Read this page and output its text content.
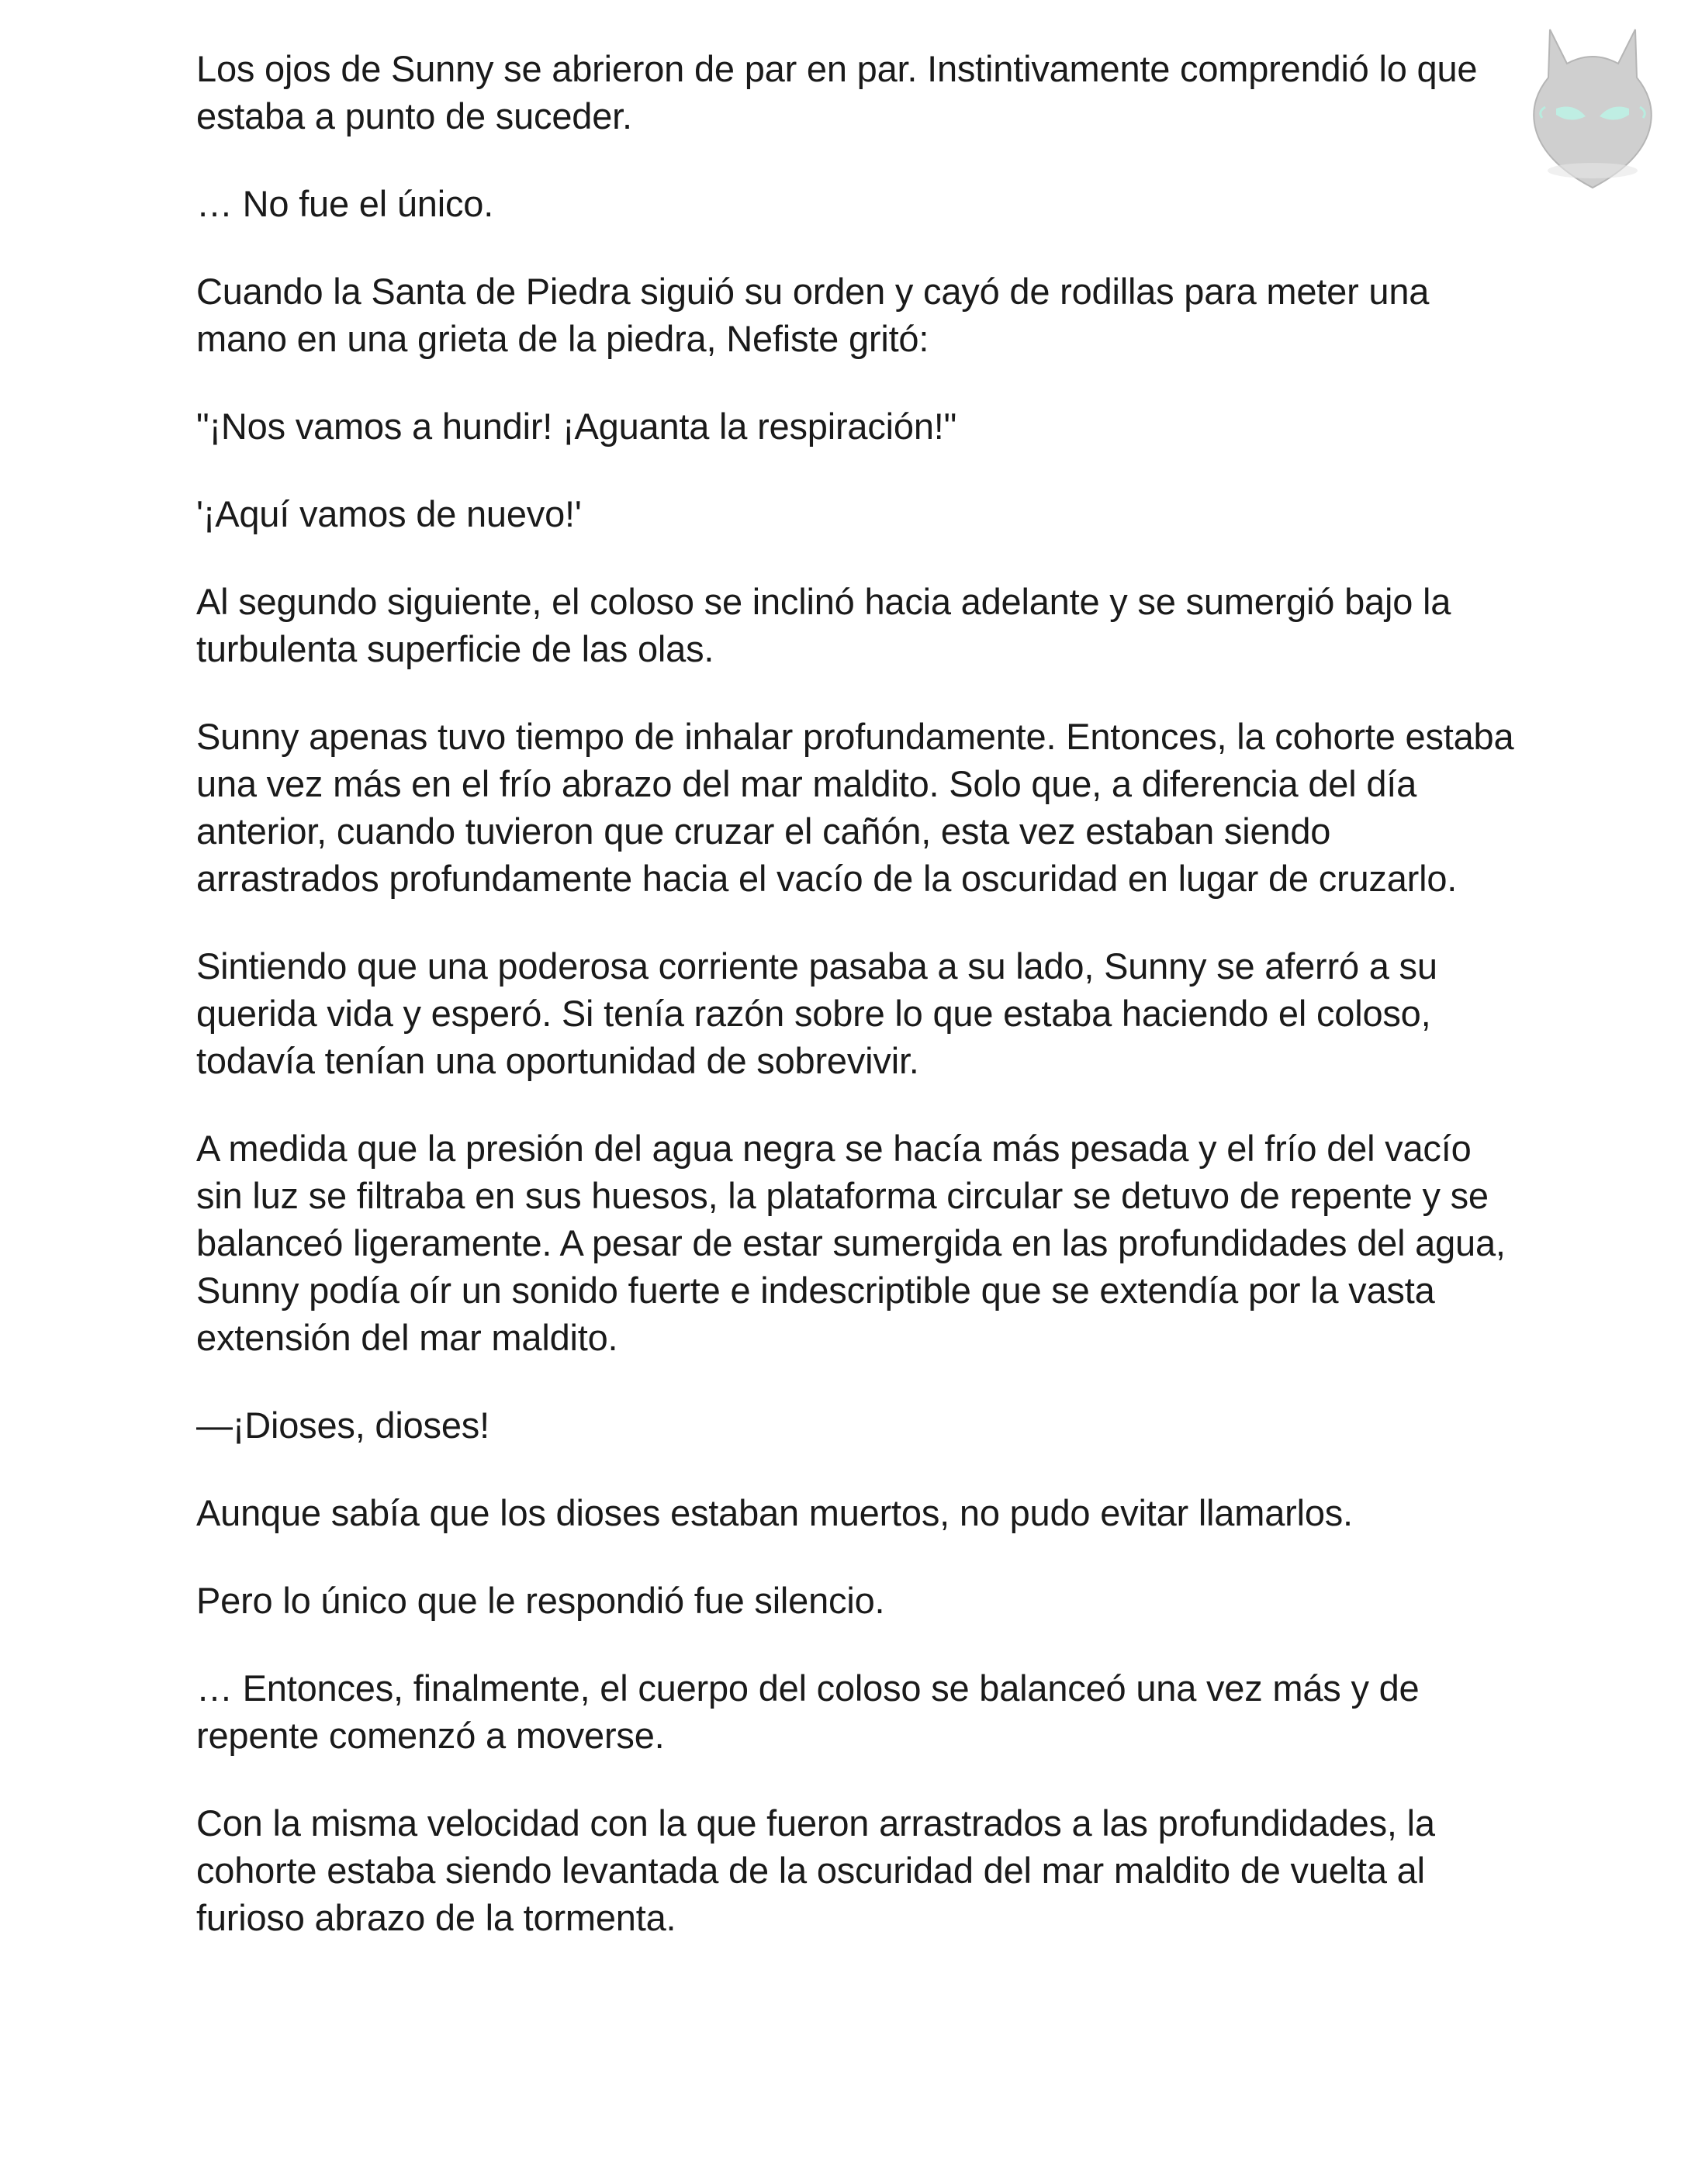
Los ojos de Sunny se abrieron de par en par. Instintivamente comprendió lo que estaba a punto de suceder.

… No fue el único.

Cuando la Santa de Piedra siguió su orden y cayó de rodillas para meter una mano en una grieta de la piedra, Nefiste gritó:

"¡Nos vamos a hundir! ¡Aguanta la respiración!"

'¡Aquí vamos de nuevo!'

Al segundo siguiente, el coloso se inclinó hacia adelante y se sumergió bajo la turbulenta superficie de las olas.

Sunny apenas tuvo tiempo de inhalar profundamente. Entonces, la cohorte estaba una vez más en el frío abrazo del mar maldito. Solo que, a diferencia del día anterior, cuando tuvieron que cruzar el cañón, esta vez estaban siendo arrastrados profundamente hacia el vacío de la oscuridad en lugar de cruzarlo.

Sintiendo que una poderosa corriente pasaba a su lado, Sunny se aferró a su querida vida y esperó. Si tenía razón sobre lo que estaba haciendo el coloso, todavía tenían una oportunidad de sobrevivir.

A medida que la presión del agua negra se hacía más pesada y el frío del vacío sin luz se filtraba en sus huesos, la plataforma circular se detuvo de repente y se balanceó ligeramente. A pesar de estar sumergida en las profundidades del agua, Sunny podía oír un sonido fuerte e indescriptible que se extendía por la vasta extensión del mar maldito.

—¡Dioses, dioses!

Aunque sabía que los dioses estaban muertos, no pudo evitar llamarlos.

Pero lo único que le respondió fue silencio.

… Entonces, finalmente, el cuerpo del coloso se balanceó una vez más y de repente comenzó a moverse.

Con la misma velocidad con la que fueron arrastrados a las profundidades, la cohorte estaba siendo levantada de la oscuridad del mar maldito de vuelta al furioso abrazo de la tormenta.
